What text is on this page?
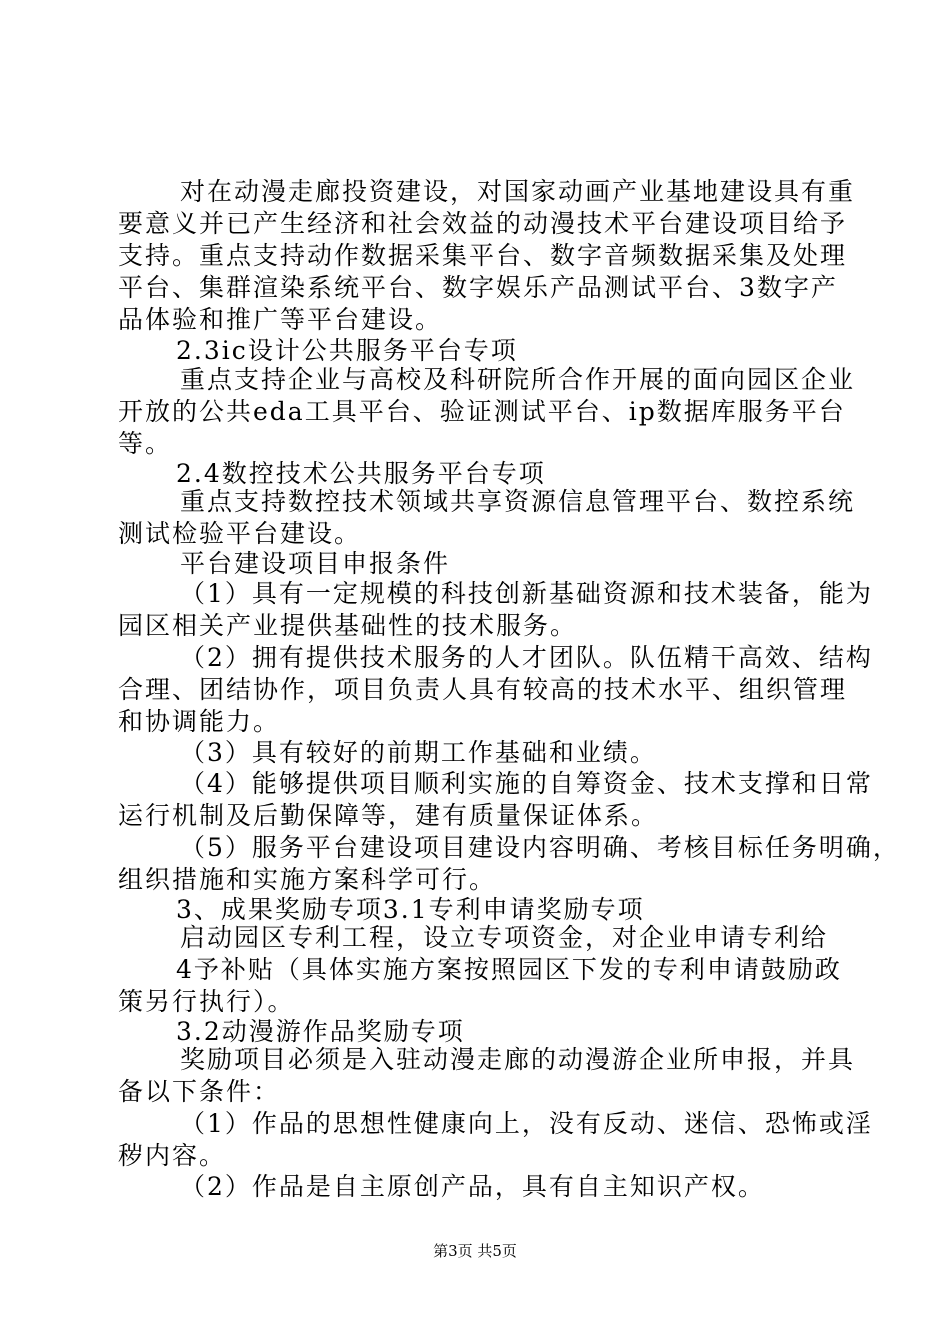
对在动漫走廊投资建设，对国家动画产业基地建设具有重
要意义并已产生经济和社会效益的动漫技术平台建设项目给予
支持。重点支持动作数据采集平台、数字音频数据采集及处理
平台、集群渲染系统平台、数字娱乐产品测试平台、3数字产
品体验和推广等平台建设。
2.3ic设计公共服务平台专项
重点支持企业与高校及科研院所合作开展的面向园区企业
开放的公共eda工具平台、验证测试平台、ip数据库服务平台
等。
2.4数控技术公共服务平台专项
重点支持数控技术领域共享资源信息管理平台、数控系统
测试检验平台建设。
平台建设项目申报条件
（1）具有一定规模的科技创新基础资源和技术装备，能为
园区相关产业提供基础性的技术服务。
（2）拥有提供技术服务的人才团队。队伍精干高效、结构
合理、团结协作，项目负责人具有较高的技术水平、组织管理
和协调能力。
（3）具有较好的前期工作基础和业绩。
（4）能够提供项目顺利实施的自筹资金、技术支撑和日常
运行机制及后勤保障等，建有质量保证体系。
（5）服务平台建设项目建设内容明确、考核目标任务明确，
组织措施和实施方案科学可行。
3、成果奖励专项3.1专利申请奖励专项
启动园区专利工程，设立专项资金，对企业申请专利给
4予补贴（具体实施方案按照园区下发的专利申请鼓励政
策另行执行）。
3.2动漫游作品奖励专项
奖励项目必须是入驻动漫走廊的动漫游企业所申报，并具
备以下条件：
（1）作品的思想性健康向上，没有反动、迷信、恐怖或淫
秽内容。
（2）作品是自主原创产品，具有自主知识产权。
第3页 共5页
